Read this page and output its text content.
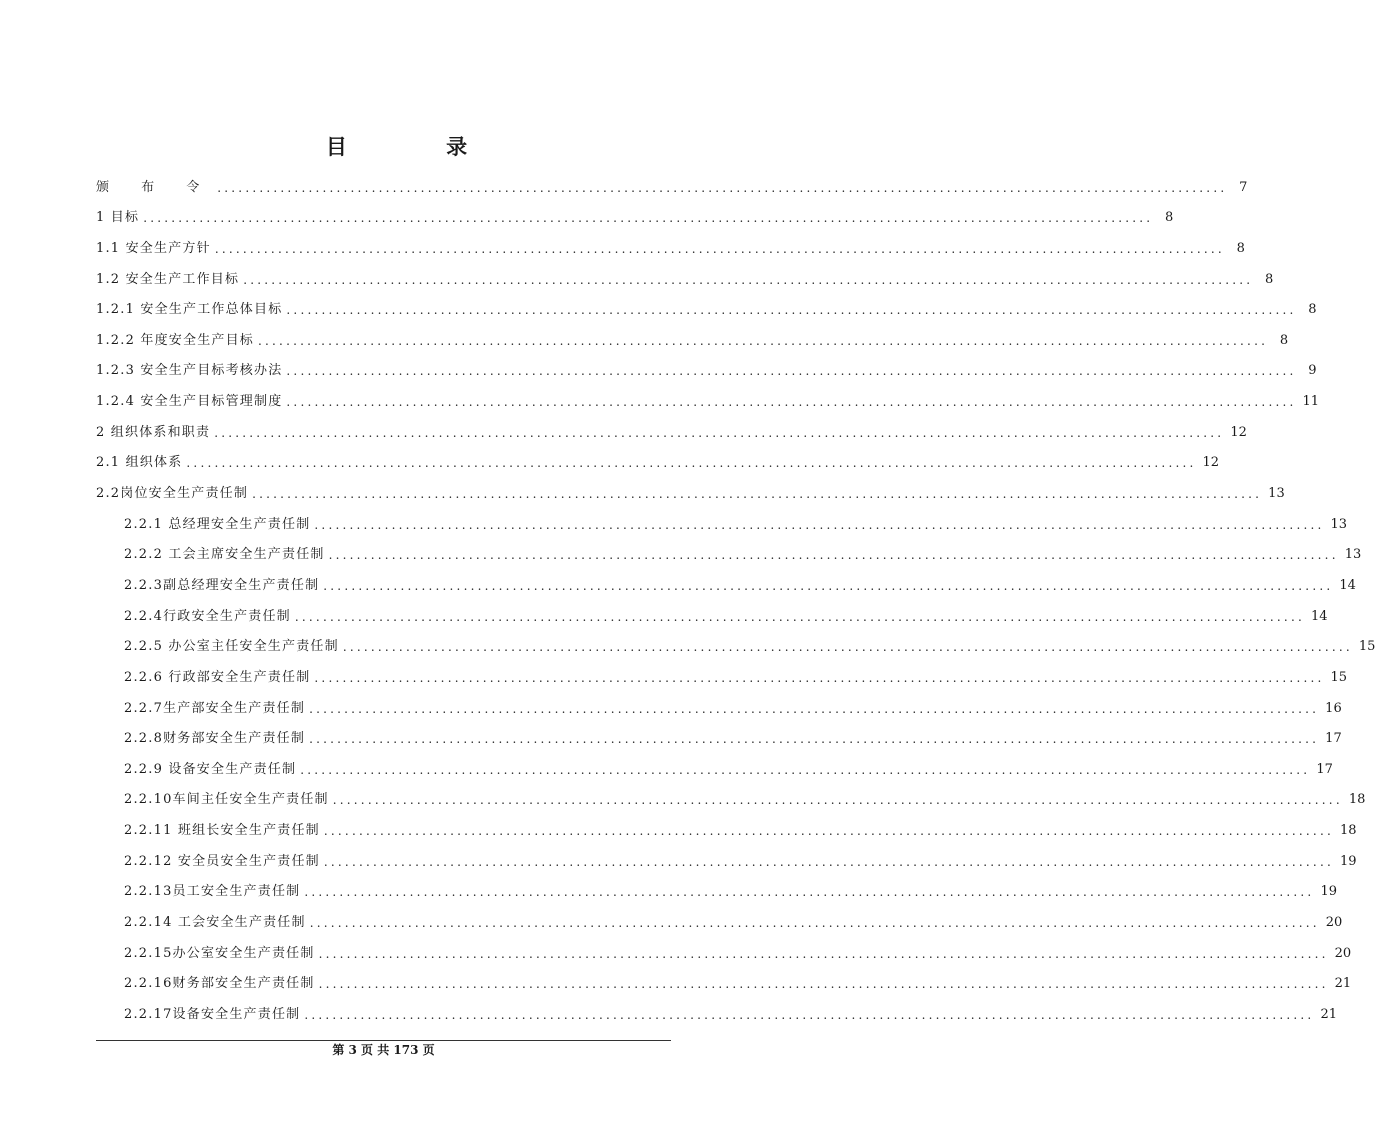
目 录
颁 布 令 ................................................................................................................................................ 7
1 目标 ................................................................................................................................................ 8
1.1 安全生产方针 ................................................................................................................................................ 8
1.2 安全生产工作目标 ................................................................................................................................................ 8
1.2.1 安全生产工作总体目标 ................................................................................................................................................ 8
1.2.2 年度安全生产目标 ................................................................................................................................................ 8
1.2.3 安全生产目标考核办法 ................................................................................................................................................ 9
1.2.4 安全生产目标管理制度 ................................................................................................................................................ 11
2 组织体系和职责 ................................................................................................................................................ 12
2.1 组织体系 ................................................................................................................................................ 12
2.2岗位安全生产责任制 ................................................................................................................................................ 13
2.2.1 总经理安全生产责任制 ................................................................................................................................................ 13
2.2.2 工会主席安全生产责任制 ................................................................................................................................................ 13
2.2.3副总经理安全生产责任制 ................................................................................................................................................ 14
2.2.4行政安全生产责任制 ................................................................................................................................................ 14
2.2.5 办公室主任安全生产责任制 ................................................................................................................................................ 15
2.2.6 行政部安全生产责任制 ................................................................................................................................................ 15
2.2.7生产部安全生产责任制 ................................................................................................................................................ 16
2.2.8财务部安全生产责任制 ................................................................................................................................................ 17
2.2.9 设备安全生产责任制 ................................................................................................................................................ 17
2.2.10车间主任安全生产责任制 ................................................................................................................................................ 18
2.2.11 班组长安全生产责任制 ................................................................................................................................................ 18
2.2.12 安全员安全生产责任制 ................................................................................................................................................ 19
2.2.13员工安全生产责任制 ................................................................................................................................................ 19
2.2.14 工会安全生产责任制 ................................................................................................................................................ 20
2.2.15办公室安全生产责任制 ................................................................................................................................................ 20
2.2.16财务部安全生产责任制 ................................................................................................................................................ 21
2.2.17设备安全生产责任制 ................................................................................................................................................ 21
第 3 页 共 173 页
